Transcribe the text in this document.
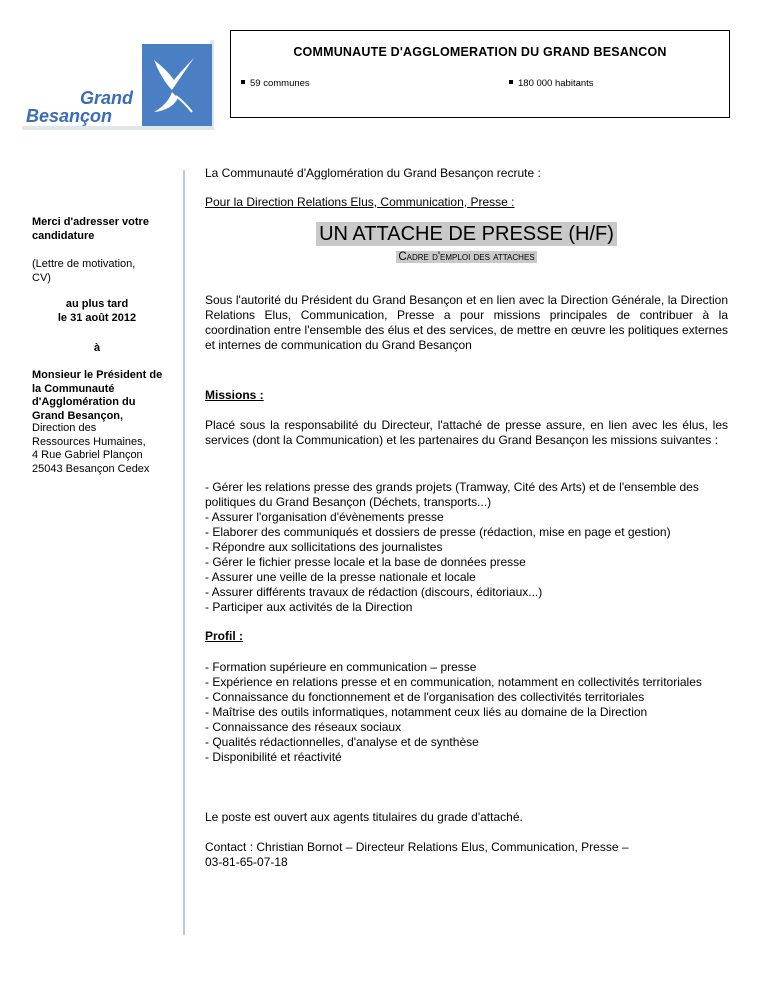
Grand
Besançon
COMMUNAUTE D'AGGLOMERATION DU GRAND BESANCON
59 communes	180 000 habitants
Merci d'adresser votre candidature
(Lettre de motivation, CV)
au plus tard
le 31 août 2012
à
Monsieur le Président de la Communauté d'Agglomération du Grand Besançon,
Direction des
Ressources Humaines,
4 Rue Gabriel Plançon
25043 Besançon Cedex
La Communauté d'Agglomération du Grand Besançon recrute :
Pour la Direction Relations Elus, Communication, Presse :
UN ATTACHE DE PRESSE (H/F)
Cadre d'emploi des attaches
Sous l'autorité du Président du Grand Besançon et en lien avec la Direction Générale, la Direction Relations Elus, Communication, Presse a pour missions principales de contribuer à la coordination entre l'ensemble des élus et des services, de mettre en œuvre les politiques externes et internes de communication du Grand Besançon
Missions :
Placé sous la responsabilité du Directeur, l'attaché de presse assure, en lien avec les élus, les services (dont la Communication) et les partenaires du Grand Besançon les missions suivantes :
- Gérer les relations presse des grands projets (Tramway, Cité des Arts) et de l'ensemble des politiques du Grand Besançon (Déchets, transports...)
- Assurer l'organisation d'évènements presse
- Elaborer des communiqués et dossiers de presse (rédaction, mise en page et gestion)
- Répondre aux sollicitations des journalistes
- Gérer le fichier presse locale et la base de données presse
- Assurer une veille de la presse nationale et locale
- Assurer différents travaux de rédaction (discours, éditoriaux...)
- Participer aux activités de la Direction
Profil :
- Formation supérieure en communication – presse
- Expérience en relations presse et en communication, notamment en collectivités territoriales
- Connaissance du fonctionnement et de l'organisation des collectivités territoriales
- Maîtrise des outils informatiques, notamment ceux liés au domaine de la Direction
- Connaissance des réseaux sociaux
- Qualités rédactionnelles, d'analyse et de synthèse
- Disponibilité et réactivité
Le poste est ouvert aux agents titulaires du grade d'attaché.
Contact : Christian Bornot – Directeur Relations Elus, Communication, Presse –
03-81-65-07-18
